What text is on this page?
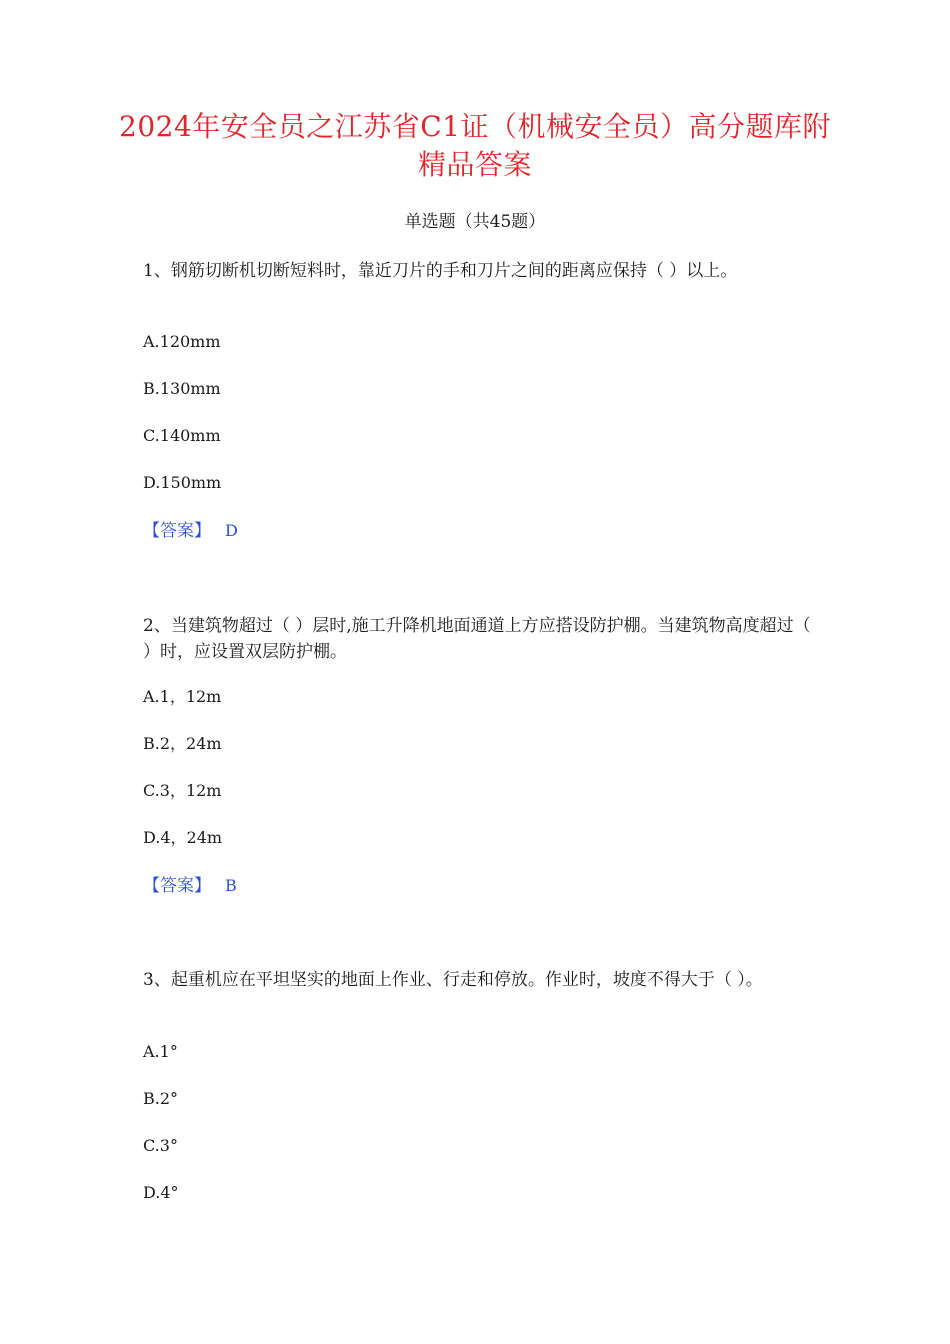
2024年安全员之江苏省C1证（机械安全员）高分题库附精品答案
单选题（共45题）
1、钢筋切断机切断短料时，靠近刀片的手和刀片之间的距离应保持（ ）以上。
A.120mm
B.130mm
C.140mm
D.150mm
【答案】 D
2、当建筑物超过（ ）层时,施工升降机地面通道上方应搭设防护棚。当建筑物高度超过（ ）时，应设置双层防护棚。
A.1，12m
B.2，24m
C.3，12m
D.4，24m
【答案】 B
3、起重机应在平坦坚实的地面上作业、行走和停放。作业时，坡度不得大于（ ）。
A.1°
B.2°
C.3°
D.4°
